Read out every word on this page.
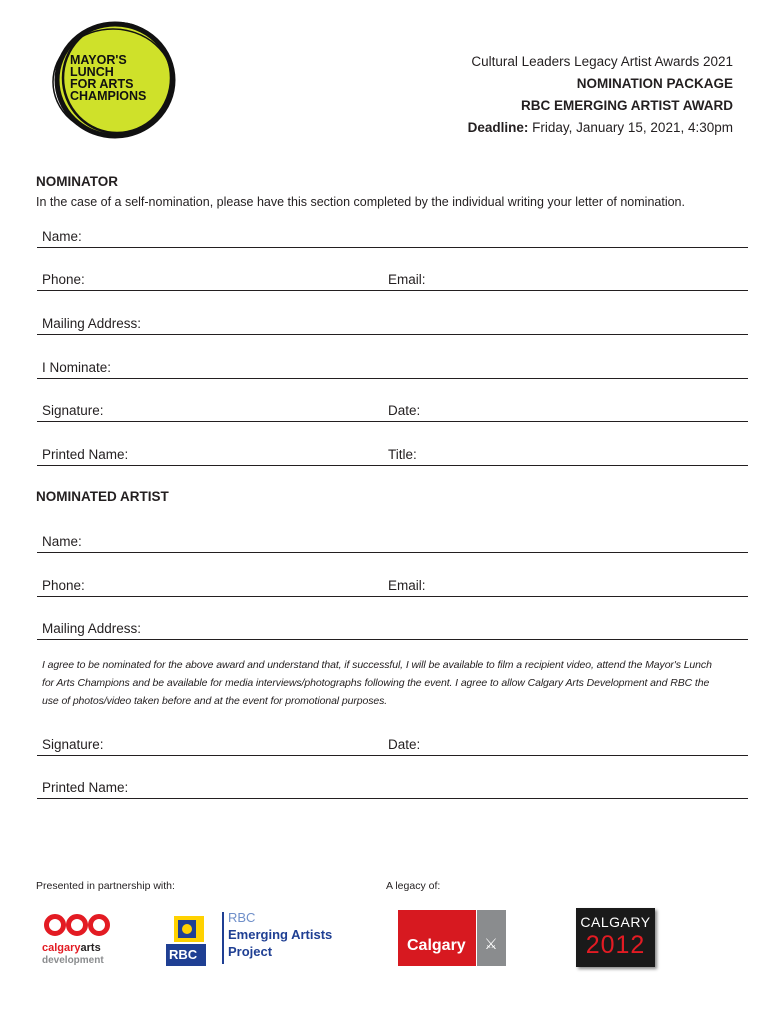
MAYOR'S
LUNCH
FOR ARTS
CHAMPIONS
Cultural Leaders Legacy Artist Awards 2021
NOMINATION PACKAGE
RBC EMERGING ARTIST AWARD
Deadline: Friday, January 15, 2021, 4:30pm
NOMINATOR
In the case of a self-nomination, please have this section completed by the individual writing your letter of nomination.
Name:
Phone:	Email:
Mailing Address:
I Nominate:
Signature:	Date:
Printed Name:	Title:
NOMINATED ARTIST
Name:
Phone:	Email:
Mailing Address:
I agree to be nominated for the above award and understand that, if successful, I will be available to film a recipient video, attend the Mayor's Lunch for Arts Champions and be available for media interviews/photographs following the event. I agree to allow Calgary Arts Development and RBC the use of photos/video taken before and at the event for promotional purposes.
Signature:	Date:
Printed Name:
Presented in partnership with:	A legacy of:
calgaryarts
development	RBC
RBC
Emerging Artists
Project	Calgary ⚔
CALGARY
2012
